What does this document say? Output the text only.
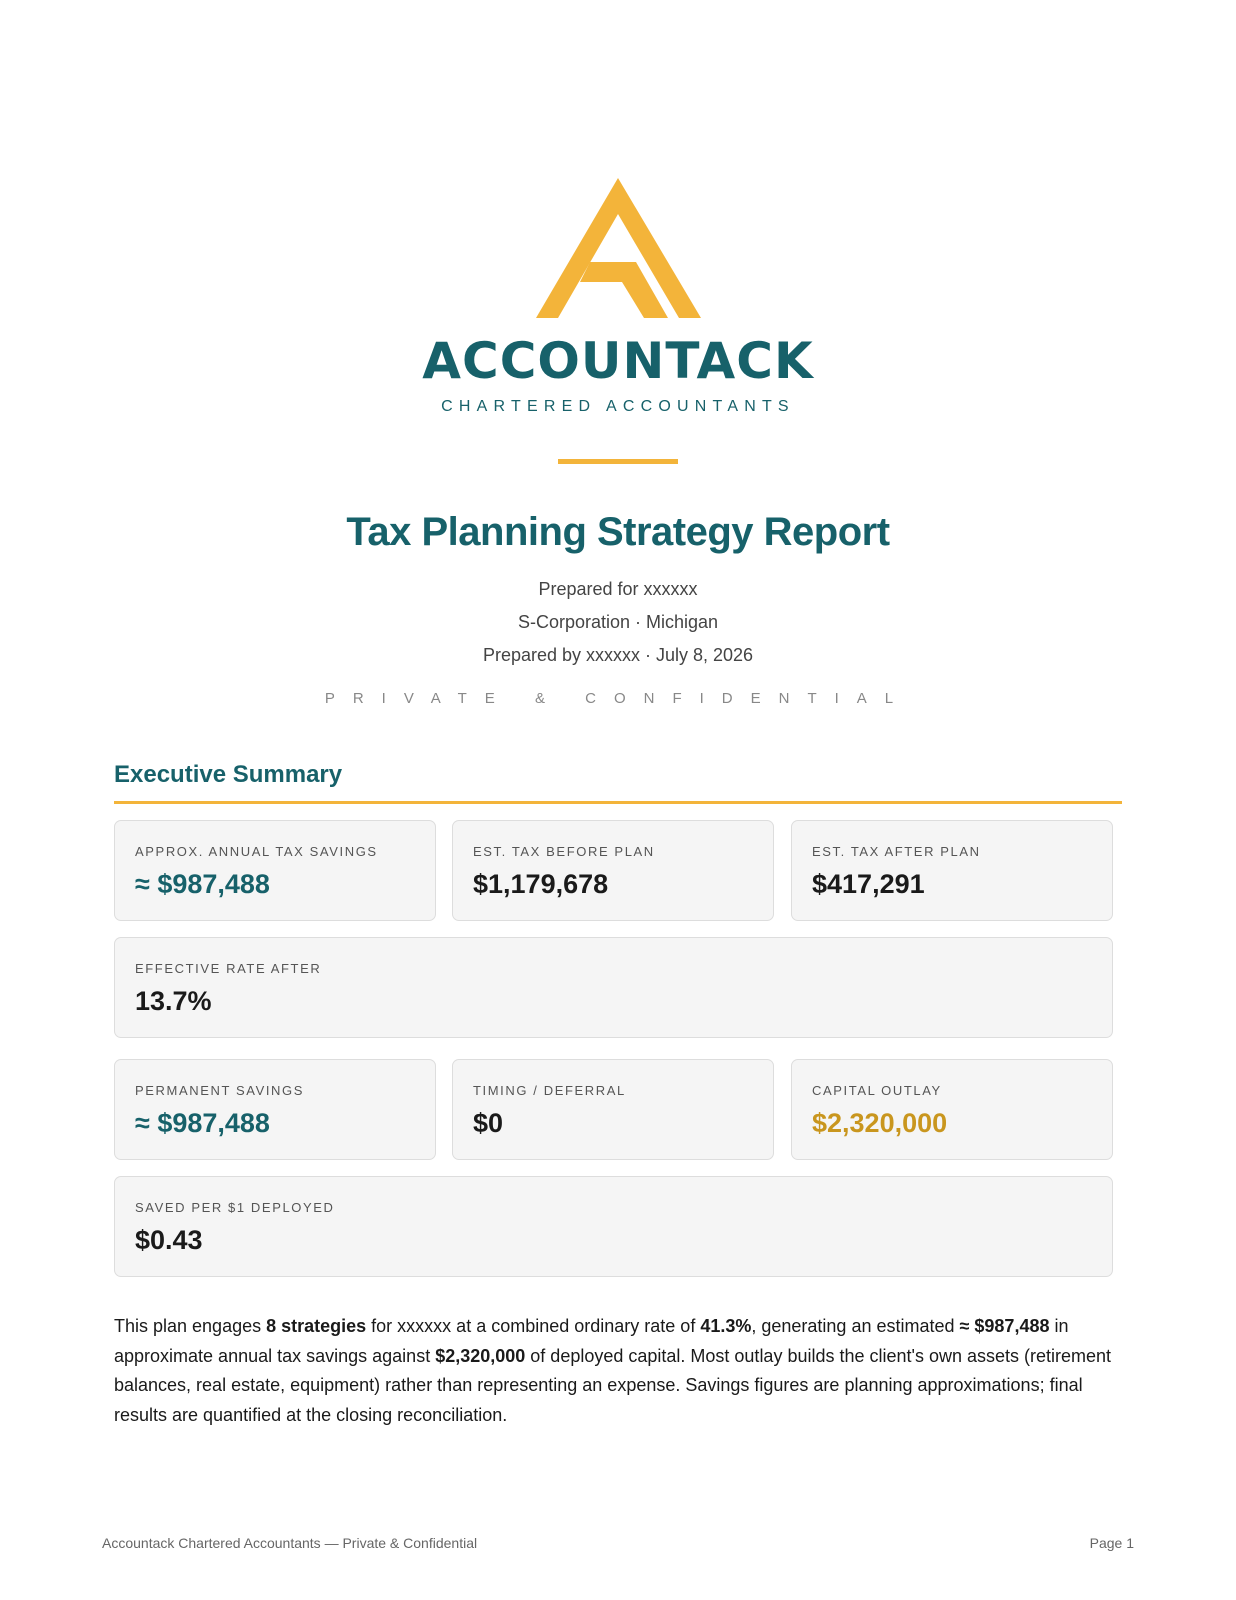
ACCOUNTACK
CHARTERED ACCOUNTANTS
Tax Planning Strategy Report
Prepared for xxxxxx
S-Corporation · Michigan
Prepared by xxxxxx · July 8, 2026
PRIVATE & CONFIDENTIAL
Executive Summary
APPROX. ANNUAL TAX SAVINGS
≈ $987,488
EST. TAX BEFORE PLAN
$1,179,678
EST. TAX AFTER PLAN
$417,291
EFFECTIVE RATE AFTER
13.7%
PERMANENT SAVINGS
≈ $987,488
TIMING / DEFERRAL
$0
CAPITAL OUTLAY
$2,320,000
SAVED PER $1 DEPLOYED
$0.43

This plan engages 8 strategies for xxxxxx at a combined ordinary rate of 41.3%, generating an estimated ≈ $987,488 in approximate annual tax savings against $2,320,000 of deployed capital. Most outlay builds the client's own assets (retirement balances, real estate, equipment) rather than representing an expense. Savings figures are planning approximations; final results are quantified at the closing reconciliation.

Accountack Chartered Accountants — Private & Confidential	Page 1
